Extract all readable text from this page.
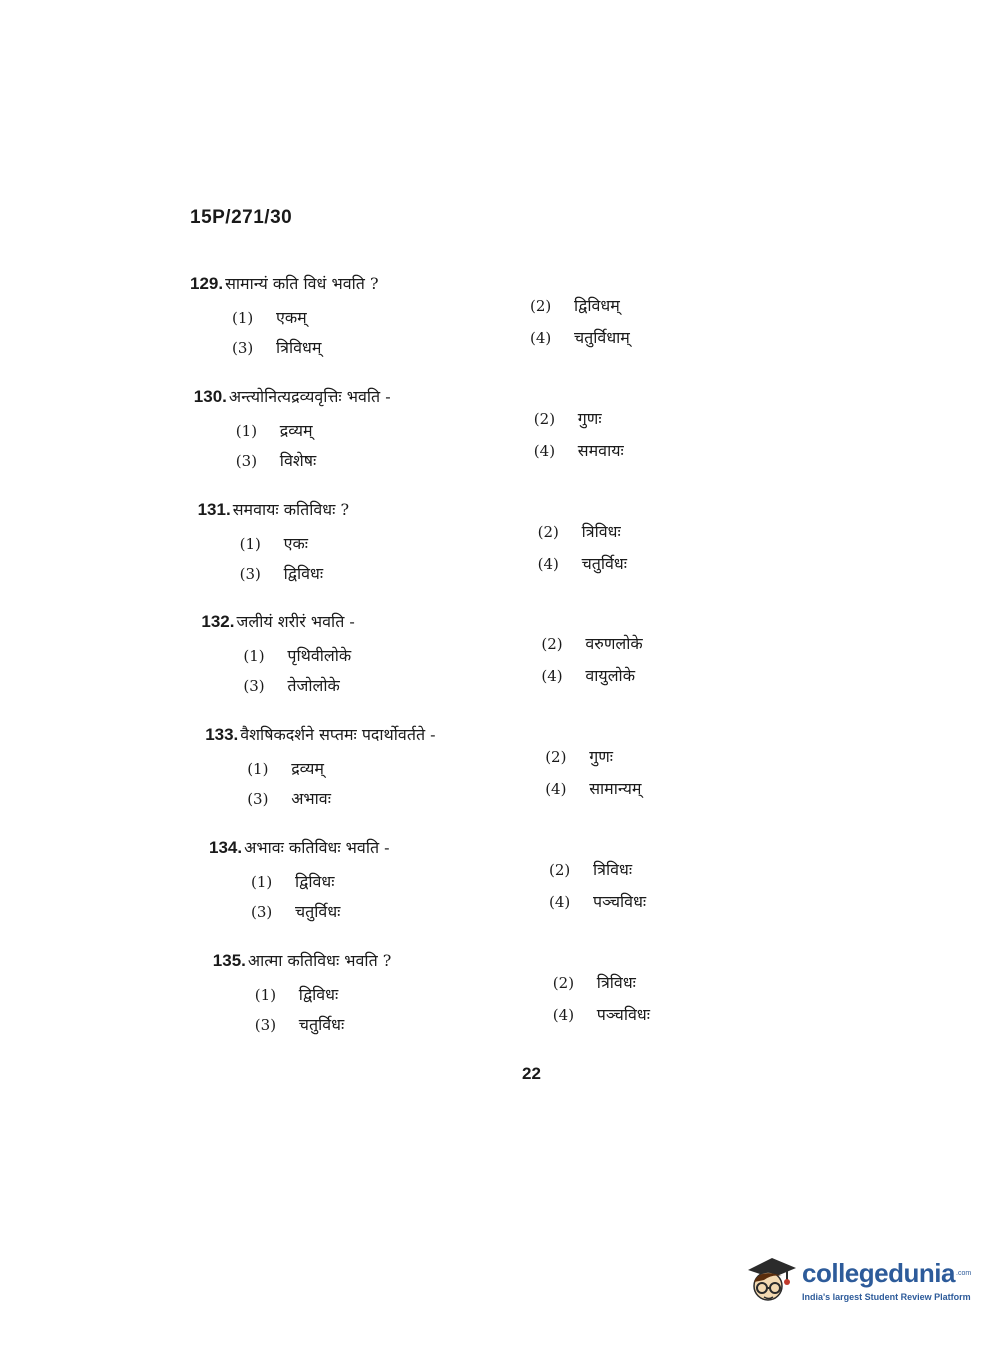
15P/271/30
129. सामान्यं कति विधं भवति ?
(1) एकम्
(2) द्विविधम्
(3) त्रिविधम्	(4) चतुर्विधाम्
130. अन्त्योनित्यद्रव्यवृत्तिः भवति -
(1) द्रव्यम्
(2) गुणः
(3) विशेषः	(4) समवायः
131. समवायः कतिविधः ?
(1) एकः
(2) त्रिविधः
(3) द्विविधः	(4) चतुर्विधः
132. जलीयं शरीरं भवति -
(1) पृथिवीलोके
(2) वरुणलोके
(3) तेजोलोके	(4) वायुलोके
133. वैशषिकदर्शने सप्तमः पदार्थोवर्तते -
(1) द्रव्यम्
(2) गुणः
(3) अभावः	(4) सामान्यम्
134. अभावः कतिविधः भवति -
(1) द्विविधः
(2) त्रिविधः
(3) चतुर्विधः	(4) पञ्चविधः
135. आत्मा कतिविधः भवति ?
(1) द्विविधः
(2) त्रिविधः
(3) चतुर्विधः	(4) पञ्चविधः
22
collegedunia .com
India's largest Student Review Platform
